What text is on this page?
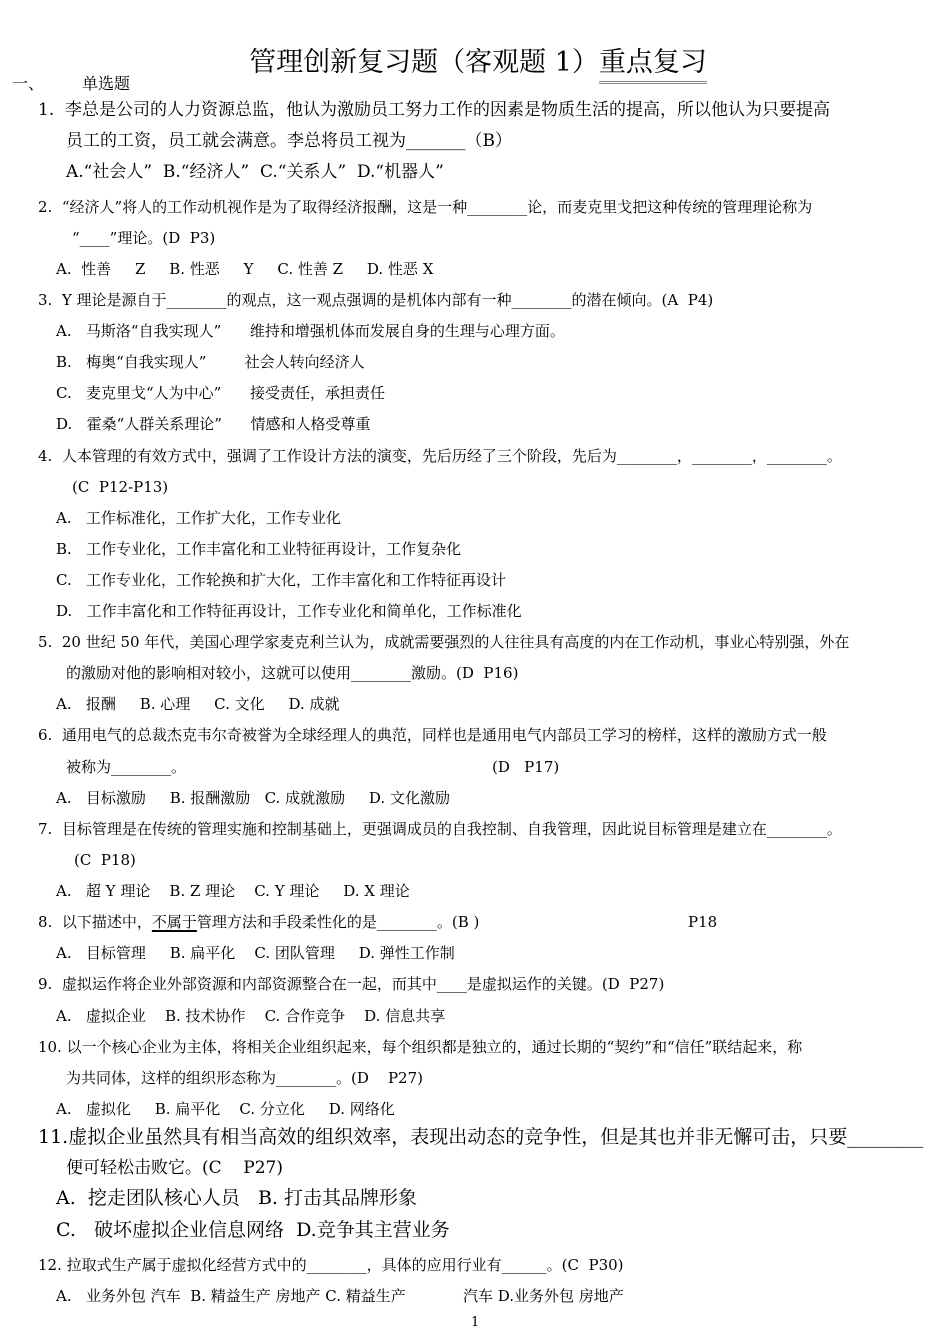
管理创新复习题（客观题 1）重点复习

一、 单选题
1.  李总是公司的人力资源总监，他认为激励员工努力工作的因素是物质生活的提高，所以他认为只要提高
员工的工资，员工就会满意。李总将员工视为_______（B）
A.“社会人”  B.“经济人”  C.“关系人”  D.“机器人”
2.  “经济人”将人的工作动机视作是为了取得经济报酬，这是一种________论，而麦克里戈把这种传统的管理理论称为
“____”理论。(D  P3)
A.  性善     Z     B. 性恶     Y     C. 性善 Z     D. 性恶 X
3.  Y 理论是源自于________的观点，这一观点强调的是机体内部有一种________的潜在倾向。(A  P4)
A.   马斯洛“自我实现人”      维持和增强机体而发展自身的生理与心理方面。
B.   梅奥“自我实现人”        社会人转向经济人
C.   麦克里戈“人为中心”      接受责任，承担责任
D.   霍桑“人群关系理论”      情感和人格受尊重
4.  人本管理的有效方式中，强调了工作设计方法的演变，先后历经了三个阶段，先后为________，________，________。
(C  P12-P13)
A.   工作标准化，工作扩大化，工作专业化
B.   工作专业化，工作丰富化和工业特征再设计，工作复杂化
C.   工作专业化，工作轮换和扩大化，工作丰富化和工作特征再设计
D.   工作丰富化和工作特征再设计，工作专业化和简单化，工作标准化
5.  20 世纪 50 年代，美国心理学家麦克利兰认为，成就需要强烈的人往往具有高度的内在工作动机，事业心特别强，外在
的激励对他的影响相对较小，这就可以使用________激励。(D  P16)
A.   报酬     B. 心理     C. 文化     D. 成就
6.  通用电气的总裁杰克韦尔奇被誉为全球经理人的典范，同样也是通用电气内部员工学习的榜样，这样的激励方式一般
被称为________。	(D   P17)
A.   目标激励     B. 报酬激励   C. 成就激励     D. 文化激励
7.  目标管理是在传统的管理实施和控制基础上，更强调成员的自我控制、自我管理，因此说目标管理是建立在________。
(C  P18)
A.   超 Y 理论    B. Z 理论    C. Y 理论     D. X 理论
8.  以下描述中，不属于管理方法和手段柔性化的是________。(B )	P18
A.   目标管理     B. 扁平化    C. 团队管理     D. 弹性工作制
9.  虚拟运作将企业外部资源和内部资源整合在一起，而其中____是虚拟运作的关键。(D  P27)
A.   虚拟企业    B. 技术协作    C. 合作竞争    D. 信息共享
10. 以一个核心企业为主体，将相关企业组织起来，每个组织都是独立的，通过长期的“契约”和“信任”联结起来，称
为共同体，这样的组织形态称为________。(D    P27)
A.   虚拟化     B. 扁平化    C. 分立化     D. 网络化
11.虚拟企业虽然具有相当高效的组织效率，表现出动态的竞争性，但是其也并非无懈可击，只要________
便可轻松击败它。(C    P27)
A.  挖走团队核心人员   B. 打击其品牌形象
C.   破坏虚拟企业信息网络  D.竞争其主营业务
12. 拉取式生产属于虚拟化经营方式中的________，具体的应用行业有______。(C  P30)
A.   业务外包 汽车  B. 精益生产 房地产 C. 精益生产            汽车 D.业务外包 房地产
1
